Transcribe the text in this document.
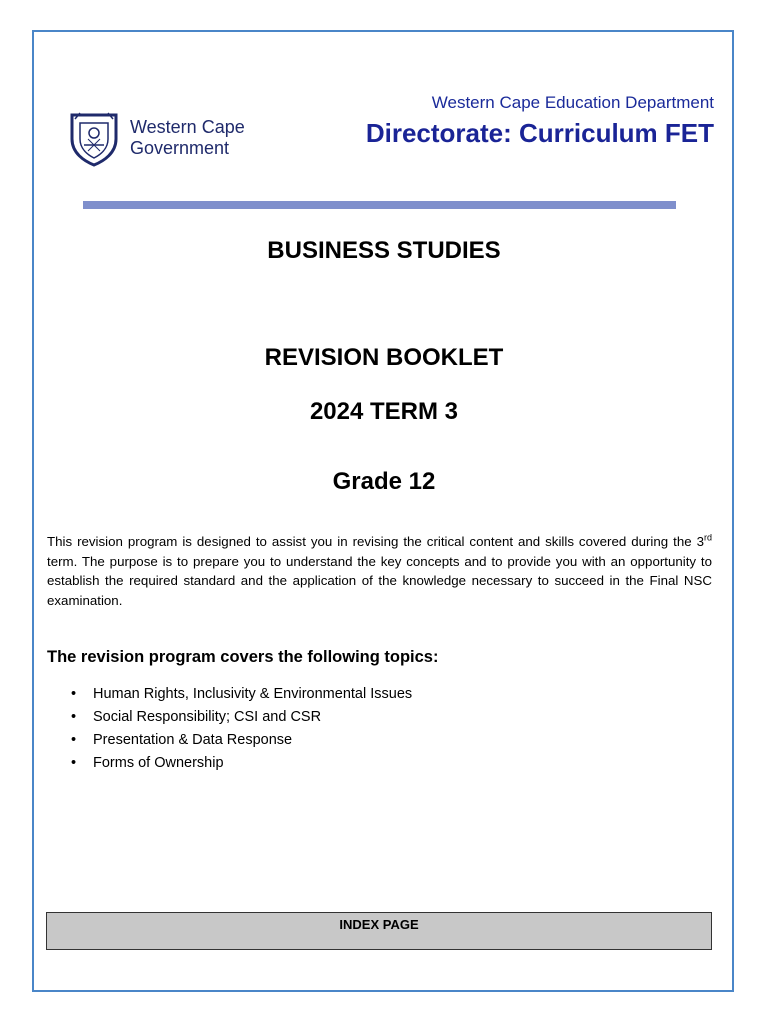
Western Cape
Government
Western Cape Education Department
Directorate: Curriculum FET
BUSINESS STUDIES
REVISION BOOKLET
2024 TERM 3
Grade 12

This revision program is designed to assist you in revising the critical content and skills covered during the 3rd term. The purpose is to prepare you to understand the key concepts and to provide you with an opportunity to establish the required standard and the application of the knowledge necessary to succeed in the Final NSC examination.

The revision program covers the following topics:
• Human Rights, Inclusivity & Environmental Issues
• Social Responsibility; CSI and CSR
• Presentation & Data Response
• Forms of Ownership
INDEX PAGE
